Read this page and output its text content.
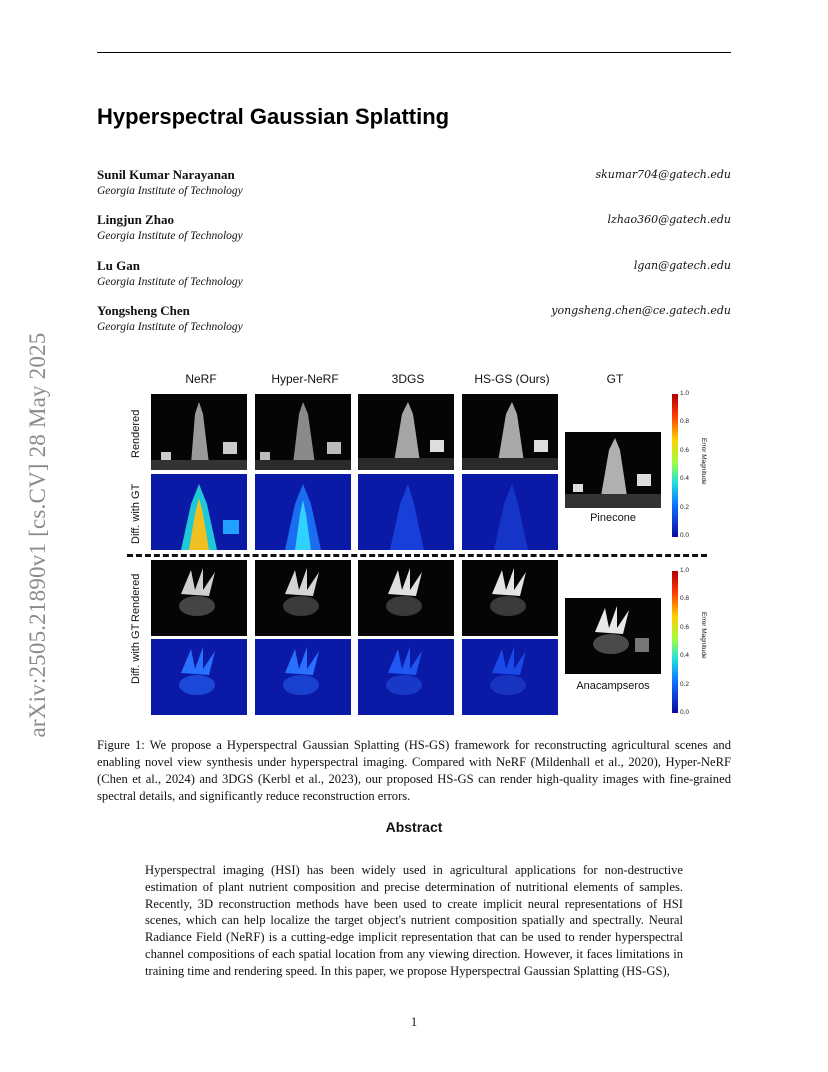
arXiv:2505.21890v1 [cs.CV] 28 May 2025
Hyperspectral Gaussian Splatting
Sunil Kumar Narayanan
Georgia Institute of Technology
skumar704@gatech.edu
Lingjun Zhao
Georgia Institute of Technology
lzhao360@gatech.edu
Lu Gan
Georgia Institute of Technology
lgan@gatech.edu
Yongsheng Chen
Georgia Institute of Technology
yongsheng.chen@ce.gatech.edu
NeRF	Hyper-NeRF	3DGS	HS-GS (Ours)	GT
Rendered
Diff. with GT
Rendered
Diff. with GT
Pinecone
1.0
0.8
0.6
0.4
0.2
0.0
Error Magnitude
Anacampseros
1.0
0.8
0.6
0.4
0.2
0.0
Error Magnitude
Figure 1: We propose a Hyperspectral Gaussian Splatting (HS-GS) framework for reconstructing agricultural scenes and enabling novel view synthesis under hyperspectral imaging. Compared with NeRF (Mildenhall et al., 2020), Hyper-NeRF (Chen et al., 2024) and 3DGS (Kerbl et al., 2023), our proposed HS-GS can render high-quality images with fine-grained spectral details, and significantly reduce reconstruction errors.
Abstract
Hyperspectral imaging (HSI) has been widely used in agricultural applications for non-destructive estimation of plant nutrient composition and precise determination of nutritional elements of samples. Recently, 3D reconstruction methods have been used to create implicit neural representations of HSI scenes, which can help localize the target object's nutrient composition spatially and spectrally. Neural Radiance Field (NeRF) is a cutting-edge implicit representation that can be used to render hyperspectral channel compositions of each spatial location from any viewing direction. However, it faces limitations in training time and rendering speed. In this paper, we propose Hyperspectral Gaussian Splatting (HS-GS),
1
